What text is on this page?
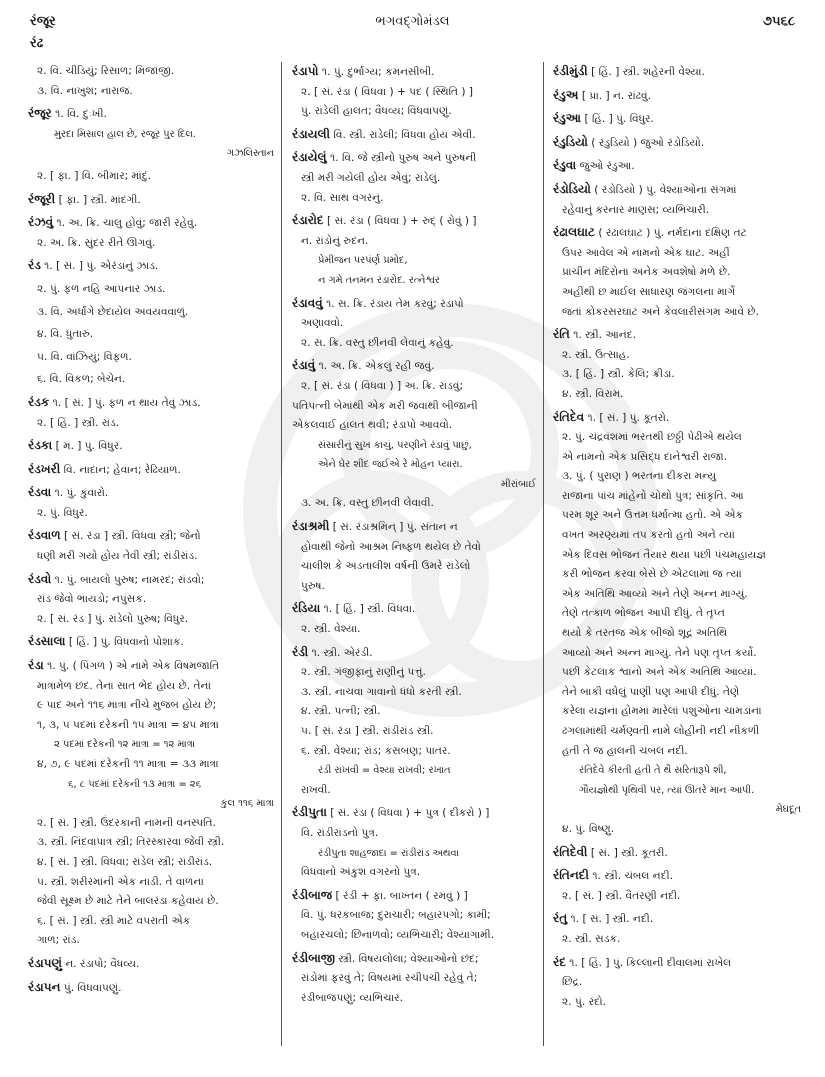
રંજૂર	ભગવદ્ગોમંડલ	૭૫૬૮
રંઢ
૨. વિ. ચીડિયું; રિસાળ; મિજાજી.
૩. વિ. નાખુશ; નારાજ.
રંજૂર ૧. વિ. દુઃખી.
મુરદા મિસાલ હાલ છે, રંજૂર પુર દિલ.
ગઝલિસ્તાન
૨. [ ફા. ] વિ. બીમાર; માંદું.
રંજૂરી [ ફા. ] સ્ત્રી. માંદગી.
રંઝવું ૧. અ. ક્રિ. ચાલુ હોવું; જારી રહેવું.
૨. અ. ક્રિ. સુંદર રીતે ઊગવું.
રંડ ૧. [ સં. ] પું. એરંડાનું ઝાડ.
૨. પું. ફળ નહિ આપનાર ઝાડ.
૩. વિ. અર્ધાંગે છેદાયેલ અવયવવાળું.
૪. વિ. ધુતારું.
૫. વિ. વાંઝિયું; વિફળ.
૬. વિ. વિકળ; બેચેન.
રંડક ૧. [ સં. ] પું. ફળ ન થાય તેવું ઝાડ.
૨. [ હિં. ] સ્ત્રી. રાંડ.
રંડકા [ મ. ] પું. વિધુર.
રંડખરી વિ. નાદાન; હેવાન; રેઢિયાળ.
રંડવા ૧. પું. કુંવારો.
૨. પું. વિધુર.
રંડવાળ [ સં. રંડા ] સ્ત્રી. વિધવા સ્ત્રી; જેનો
ધણી મરી ગયો હોય તેવી સ્ત્રી; રાંડીરાંડ.
રંડવો ૧. પું. બાયલો પુરુષ; નામરદ; રાંડવો;
રાંડ જેવો ભાયડો; નપુંસક.
૨. [ સં. રંડ ] પું. રાંડેલો પુરુષ; વિધુર.
રંડસાલા [ હિં. ] પું. વિધવાનો પોશાક.
રંડા ૧. પું. ( પિંગળ ) એ નામે એક વિષમજાતિ
માત્રામેળ છંદ. તેના સાત ભેદ હોય છે. તેનાં
૯ પાદ અને ૧૧૬ માત્રા નીચે મુજબ હોય છે;
૧, ૩, ૫ પદમાં દરેકની ૧૫ માત્રા = ૪૫ માત્રા
૨ પદમાં દરેકની ૧૨ માત્રા = ૧૨ માત્રા
૪, ૭, ૯ પદમાં દરેકની ૧૧ માત્રા = ૩૩ માત્રા
૬, ૮ પદમાં દરેકની ૧૩ માત્રા = ૨૬
કુલ ૧૧૬ માત્રા
૨. [ સં. ] સ્ત્રી. ઉંદરકાની નામની વનસ્પતિ.
૩. સ્ત્રી. નિંદવાપાત્ર સ્ત્રી; તિરસ્કારવા જેવી સ્ત્રી.
૪. [ સં. ] સ્ત્રી. વિધવા; રાંડેલ સ્ત્રી; રાંડીરાંડ.
૫. સ્ત્રી. શરીરમાંની એક નાડી. તે વાળના
જેવી સૂક્ષ્મ છે માટે તેને બાલરંડા કહેવાય છે.
૬. [ સં. ] સ્ત્રી. સ્ત્રી માટે વપરાતી એક
ગાળ; રાંડ.
રંડાપણું ન. રંડાપો; વૈધવ્ય.
રંડાપન પું. વિધવાપણું.
રંડાપો ૧. પું. દુર્ભાગ્ય; કમનસીબી.
૨. [ સં. રંડા ( વિધવા ) + પદ ( સ્થિતિ ) ]
પું. રાંડેલી હાલત; વૈધવ્ય; વિધવાપણું.
રંડાયલી વિ. સ્ત્રી. રાંડેલી; વિધવા હોય એવી.
રંડાયેલું ૧. વિ. જે સ્ત્રીનો પુરુષ અને પુરુષની
સ્ત્રી મરી ગયેલી હોય એવું; રાંડેલું.
૨. વિ. સાથ વગરનું.
રંડારોદ [ સં. રંડા ( વિધવા ) + રુદ્ ( રોવું ) ]
ન. રાંડોનું રુદન.
પ્રેમીજન પરપંર્ણ પ્રમોદ,
ન ગમે તનમન રંડારોદ. રત્નેશ્વર
રંડાવવું ૧. સ. ક્રિ. રંડાય તેમ કરવું; રંડાપો
અણાવવો.
૨. સ. ક્રિ. વસ્તુ છીનવી લેવાનું કહેવું.
રંડાવું ૧. અ. ક્રિ. એકલું રહી જવું.
૨. [ સં. રંડા ( વિધવા ) ] અ. ક્રિ. રાંડવું;
પતિપત્ની બેમાંથી એક મરી જવાથી બીજાની
એકલવાઈ હાલત થવી; રંડાપો આવવો.
સંસારીનું સુખ કાચું, પરણીને રંડાવું પાછું,
એને ઘેર શીદ જઈએ રે મોહન પ્યારા.
મીરાંબાઈ
૩. અ. ક્રિ. વસ્તુ છીનવી લેવાવી.
રંડાશ્રમી [ સં. રંડાશ્રમિન્ ] પું. સંતાન ન
હોવાથી જેનો આશ્રમ નિષ્ફળ થયેલ છે તેવો
ચાલીશ કે અડતાલીશ વર્ષની ઉમરે રાંડેલો
પુરુષ.
રંડિયા ૧. [ હિં. ] સ્ત્રી. વિધવા.
૨. સ્ત્રી. વેશ્યા.
રંડી ૧. સ્ત્રી. એરંડી.
૨. સ્ત્રી. ગંજીફાનું રાણીનું પત્તું.
૩. સ્ત્રી. નાચવા ગાવાનો ધંધો કરતી સ્ત્રી.
૪. સ્ત્રી. પત્ની; સ્ત્રી.
૫. [ સં. રંડા ] સ્ત્રી. રાંડીરાંડ સ્ત્રી.
૬. સ્ત્રી. વેશ્યા; રાંડ; કસબણ; પાતર.
રંડી રાખવી = વેશ્યા રાખવી; રખાત
રાખવી.
રંડીપુતા [ સં. રંડા ( વિધવા ) + પુત્ર ( દીકરો ) ]
વિ. રાંડીરાંડનો પુત્ર.
રંડીપુતા શાહજાદા = રાંડીરાંડ અથવા
વિધવાનો અંકુશ વગરનો પુત્ર.
રંડીબાજ [ રંડી + ફા. બાખ્તન ( રમવું ) ]
વિ. પું. ધરકબાજ; દુરાચારી; બહારપગો; કામી;
બહારચલો; છિનાળવો; વ્યભિચારી; વેશ્યાગામી.
રંડીબાજી સ્ત્રી. વિષયલોલા; વેશ્યાઓનો છંદ;
રાંડોમાં ફરવું તે; વિષયમાં રચીપચી રહેવું તે;
રંડીબાજપણું; વ્યભિચાર.
રંડીમુંડી [ હિં. ] સ્ત્રી. શહેરની વેશ્યા.
રંડુઅ [ પ્રા. ] ન. રાંઢવું.
રંડુઆ [ હિં. ] પું. વિધુર.
રંડુડિયો ( રંડુડિયો ) જુઓ રંડોડિયો.
રંડુવા જુઓ રંડુઆ.
રંડોડિયો ( રંડોડિયો ) પું. વેશ્યાઓના સંગમાં
રહેવાનું કરનાર માણસ; વ્યભિચારી.
રંઢાલઘાટ ( રંઢાલઘાટ ) પું. નર્મદાના દક્ષિણ તટ
ઉપર આવેલ એ નામનો એક ઘાટ. અહીં
પ્રાચીન મંદિરોના અનેક અવશેષો મળે છે.
અહીંથી છ માઈલ સાધારણ જંગલના માર્ગે
જતાં કોકરસરઘાટ અને કેવલારીસંગમ આવે છે.
રંતિ ૧. સ્ત્રી. આનંદ.
૨. સ્ત્રી. ઉત્સાહ.
૩. [ હિં. ] સ્ત્રી. કેલિ; ક્રીડા.
૪. સ્ત્રી. વિરામ.
રંતિદેવ ૧. [ સં. ] પું. કૂતરો.
૨. પું. ચંદ્રવંશમાં ભરતથી છઠ્ઠી પેઢીએ થયેલ
એ નામનો એક પ્રસિદ્ધ દાનેશ્વરી રાજા.
૩. પું. ( પુરાણ ) ભરતના દીકરા મન્યુ
રાજાના પાંચ માંહેનો ચોથો પુત્ર; સાંકૃતિ. આ
પરમ શૂર અને ઉત્તમ ધર્માત્મા હતો. એ એક
વખત અરણ્યમાં તપ કરતો હતો અને ત્યાં
એક દિવસ ભોજન તૈયાર થયા પછી પંચમહાયજ્ઞ
કરી ભોજન કરવા બેસે છે એટલામાં જ ત્યાં
એક અતિથિ આવ્યો અને તેણે અન્ન માગ્યું.
તેણે તત્કાળ ભોજન આપી દીધું. તે તૃપ્ત
થયો કે તરતજ એક બીજો શૂદ્ર અતિથિ
આવ્યો અને અન્ન માગ્યું. તેને પણ તૃપ્ત કર્યો.
પછી કેટલાક શ્વાનો અને એક અતિથિ આવ્યાં.
તેને બાકી વધેલું પાણી પણ આપી દીધું. તેણે
કરેલા યજ્ઞના હોમમાં મારેલાં પશુઓના ચામડાંના
ઢગલામાંથી ચર્મણ્વતી નામે લોહીની નદી નીકળી
હતી તે જ હાલની ચંબલ નદી.
રંતિદેવે કીરતી હતી તે થૈ સરિતારૂપે શી,
ગૌયજ્ઞોથી પૃથિવી પર, ત્યાં ઊતરે માન આપી.
મેઘદૂત
૪. પું. વિષ્ણુ.
રંતિદેવી [ સં. ] સ્ત્રી. કૂતરી.
રંતિનદી ૧. સ્ત્રી. ચંબલ નદી.
૨. [ સં. ] સ્ત્રી. વૈતરણી નદી.
રંતુ ૧. [ સં. ] સ્ત્રી. નદી.
૨. સ્ત્રી. સડક.
રંદ ૧. [ હિં. ] પું. કિલ્લાની દીવાલમાં રાખેલ
છિદ્ર.
૨. પું. રંદો.
